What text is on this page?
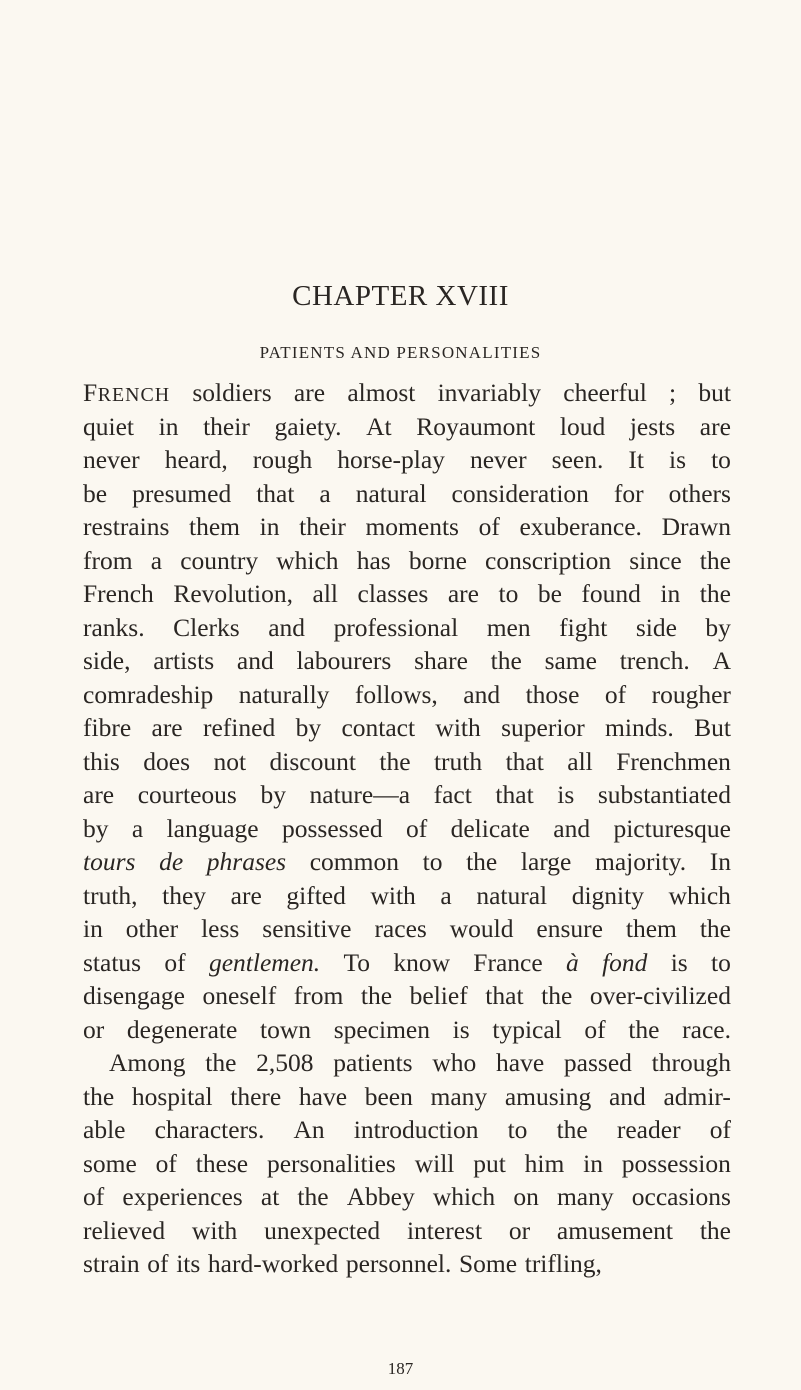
CHAPTER XVIII
PATIENTS AND PERSONALITIES
FRENCH soldiers are almost invariably cheerful ; but
quiet in their gaiety. At Royaumont loud jests are
never heard, rough horse-play never seen. It is to
be presumed that a natural consideration for others
restrains them in their moments of exuberance. Drawn
from a country which has borne conscription since the
French Revolution, all classes are to be found in the
ranks. Clerks and professional men fight side by
side, artists and labourers share the same trench. A
comradeship naturally follows, and those of rougher
fibre are refined by contact with superior minds. But
this does not discount the truth that all Frenchmen
are courteous by nature—a fact that is substantiated
by a language possessed of delicate and picturesque
tours de phrases common to the large majority. In
truth, they are gifted with a natural dignity which
in other less sensitive races would ensure them the
status of gentlemen. To know France à fond is to
disengage oneself from the belief that the over-civilized
or degenerate town specimen is typical of the race.
Among the 2,508 patients who have passed through
the hospital there have been many amusing and admir-
able characters. An introduction to the reader of
some of these personalities will put him in possession
of experiences at the Abbey which on many occasions
relieved with unexpected interest or amusement the
strain of its hard-worked personnel. Some trifling,
187
